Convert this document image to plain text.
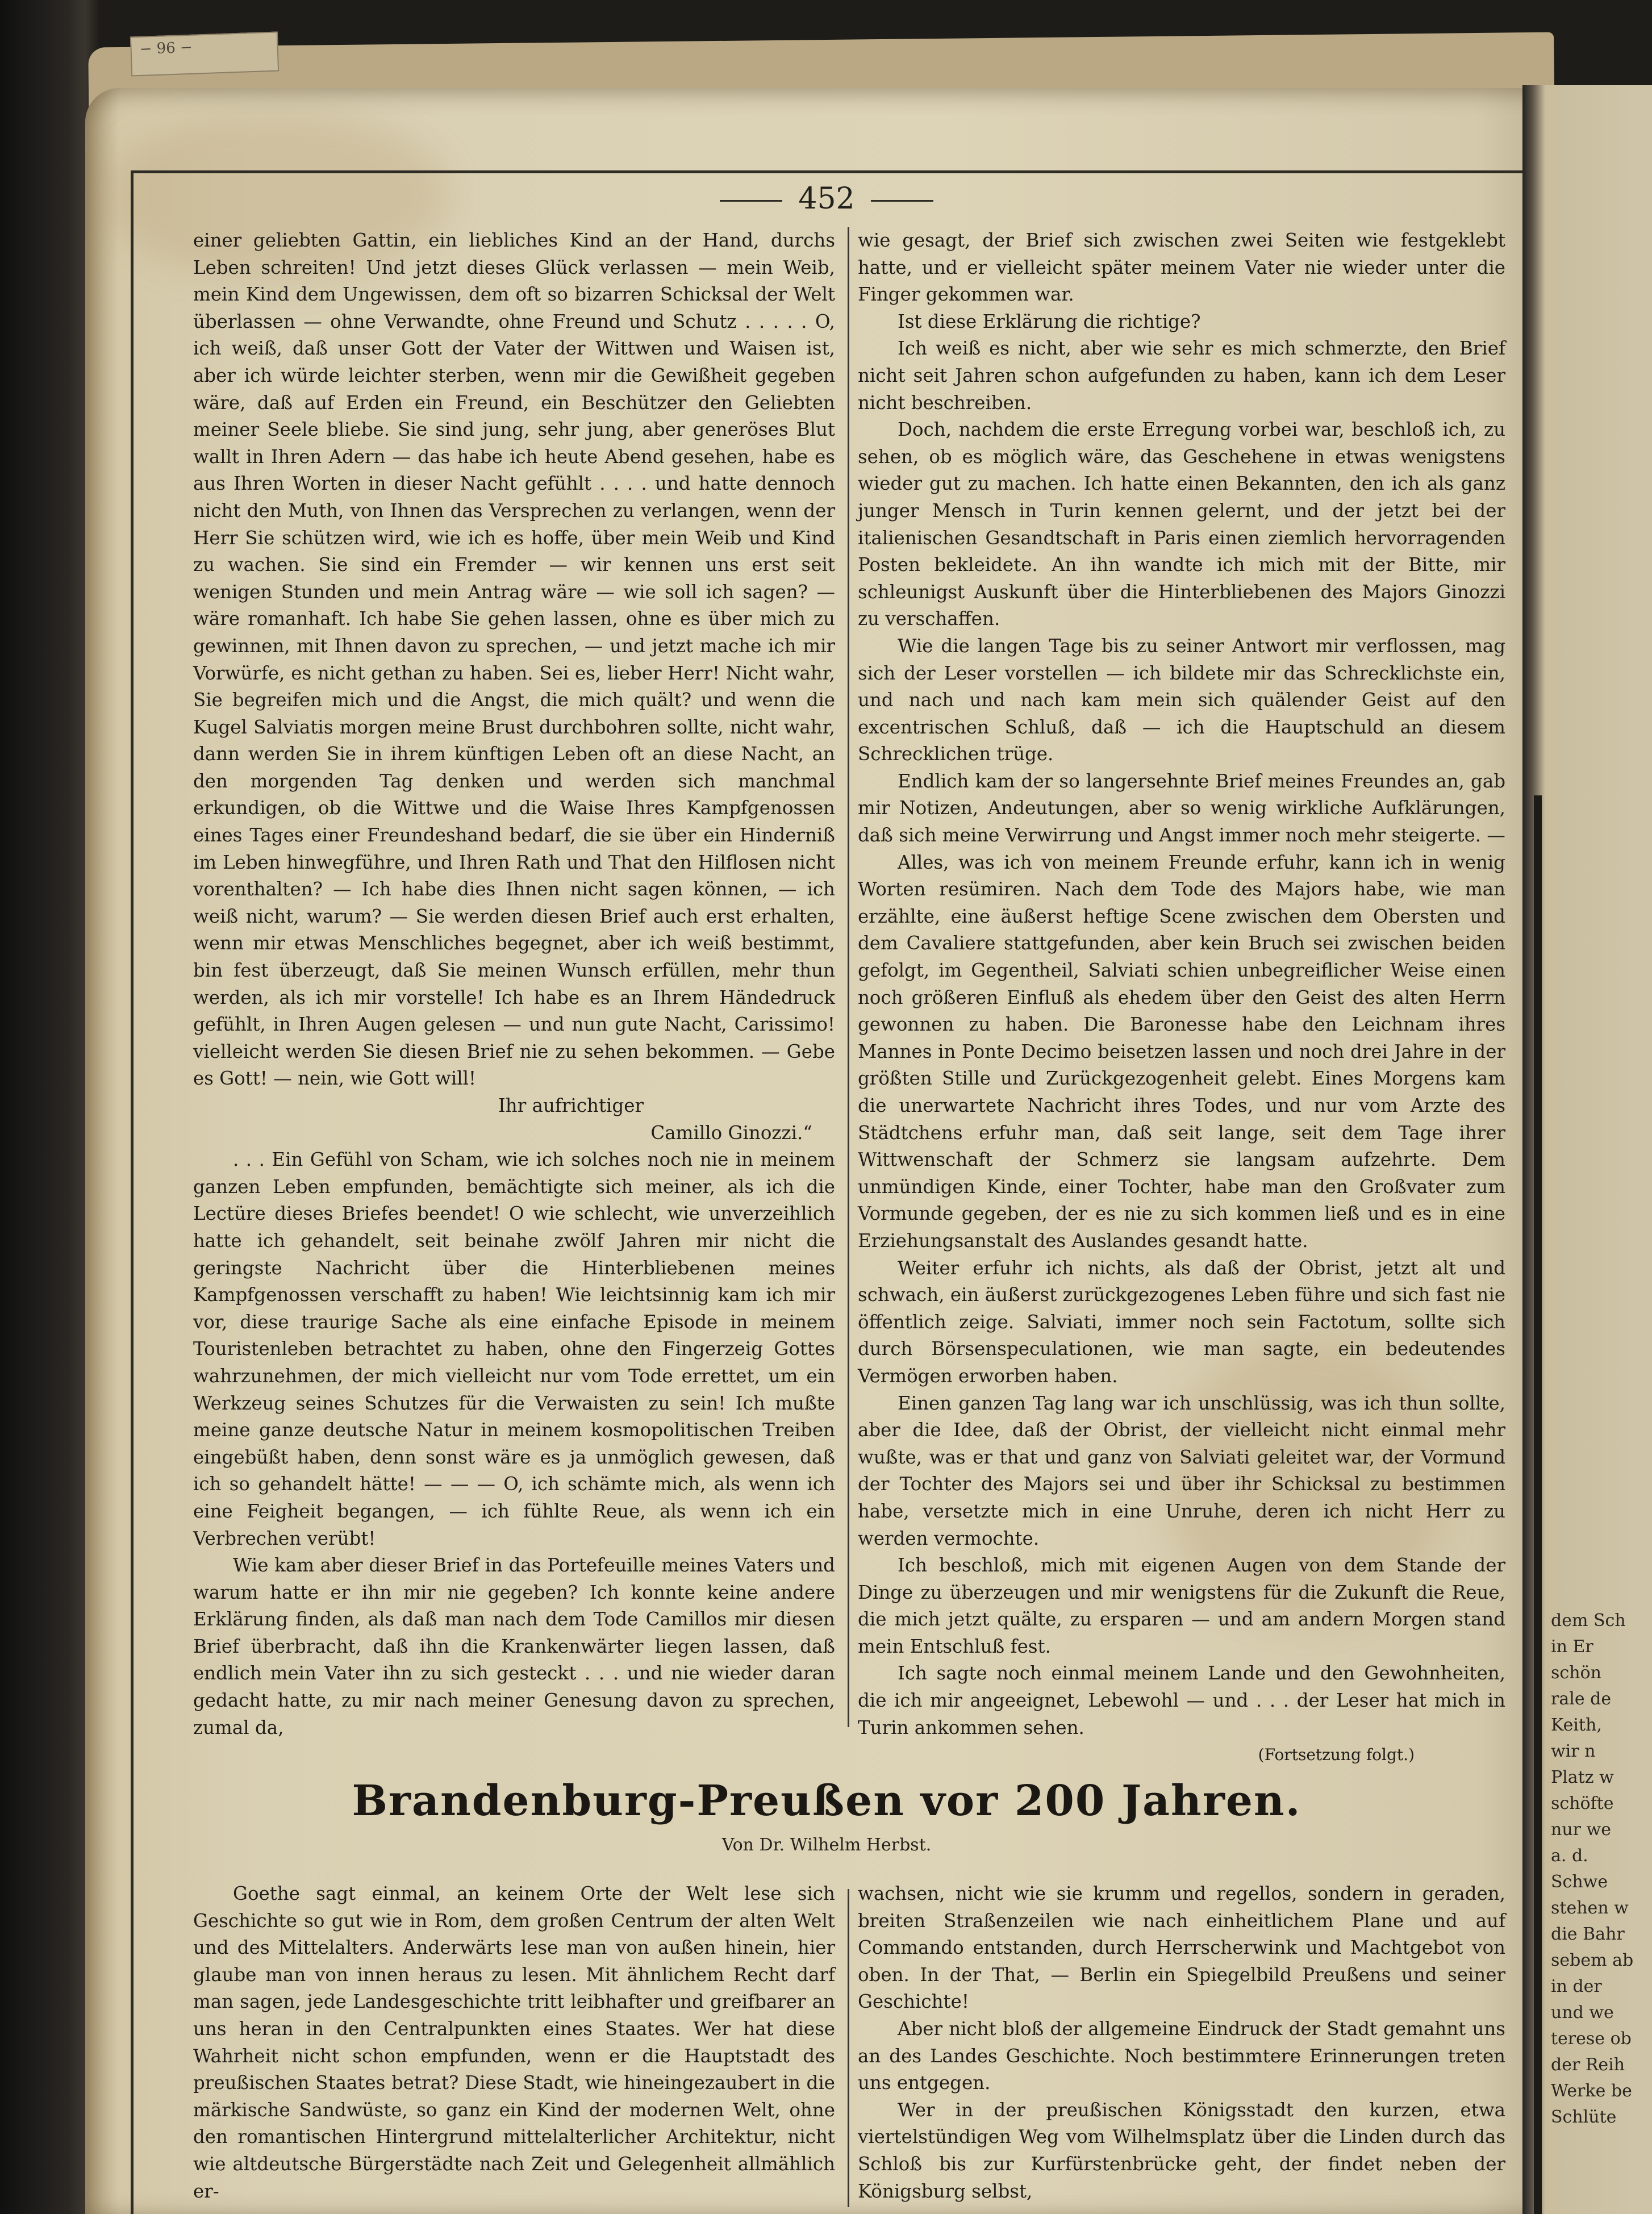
452

einer geliebten Gattin, ein liebliches Kind an der Hand, durchs Leben schreiten! Und jetzt dieses Glück verlassen — mein Weib, mein Kind dem Ungewissen, dem oft so bizarren Schicksal der Welt überlassen — ohne Verwandte, ohne Freund und Schutz . . . . . O, ich weiß, daß unser Gott der Vater der Wittwen und Waisen ist, aber ich würde leichter sterben, wenn mir die Gewißheit gegeben wäre, daß auf Erden ein Freund, ein Beschützer den Geliebten meiner Seele bliebe. Sie sind jung, sehr jung, aber generöses Blut wallt in Ihren Adern — das habe ich heute Abend gesehen, habe es aus Ihren Worten in dieser Nacht gefühlt . . . . und hatte dennoch nicht den Muth, von Ihnen das Versprechen zu verlangen, wenn der Herr Sie schützen wird, wie ich es hoffe, über mein Weib und Kind zu wachen. Sie sind ein Fremder — wir kennen uns erst seit wenigen Stunden und mein Antrag wäre — wie soll ich sagen? — wäre romanhaft. Ich habe Sie gehen lassen, ohne es über mich zu gewinnen, mit Ihnen davon zu sprechen, — und jetzt mache ich mir Vorwürfe, es nicht gethan zu haben. Sei es, lieber Herr! Nicht wahr, Sie begreifen mich und die Angst, die mich quält? und wenn die Kugel Salviatis morgen meine Brust durchbohren sollte, nicht wahr, dann werden Sie in ihrem künftigen Leben oft an diese Nacht, an den morgenden Tag denken und werden sich manchmal erkundigen, ob die Wittwe und die Waise Ihres Kampfgenossen eines Tages einer Freundeshand bedarf, die sie über ein Hinderniß im Leben hinwegführe, und Ihren Rath und That den Hilflosen nicht vorenthalten? — Ich habe dies Ihnen nicht sagen können, — ich weiß nicht, warum? — Sie werden diesen Brief auch erst erhalten, wenn mir etwas Menschliches begegnet, aber ich weiß bestimmt, bin fest überzeugt, daß Sie meinen Wunsch erfüllen, mehr thun werden, als ich mir vorstelle! Ich habe es an Ihrem Händedruck gefühlt, in Ihren Augen gelesen — und nun gute Nacht, Carissimo! vielleicht werden Sie diesen Brief nie zu sehen bekommen. — Gebe es Gott! — nein, wie Gott will!

Ihr aufrichtiger

Camillo Ginozzi.“

. . . Ein Gefühl von Scham, wie ich solches noch nie in meinem ganzen Leben empfunden, bemächtigte sich meiner, als ich die Lectüre dieses Briefes beendet! O wie schlecht, wie unverzeihlich hatte ich gehandelt, seit beinahe zwölf Jahren mir nicht die geringste Nachricht über die Hinterbliebenen meines Kampfgenossen verschafft zu haben! Wie leichtsinnig kam ich mir vor, diese traurige Sache als eine einfache Episode in meinem Touristenleben betrachtet zu haben, ohne den Fingerzeig Gottes wahrzunehmen, der mich vielleicht nur vom Tode errettet, um ein Werkzeug seines Schutzes für die Verwaisten zu sein! Ich mußte meine ganze deutsche Natur in meinem kosmopolitischen Treiben eingebüßt haben, denn sonst wäre es ja unmöglich gewesen, daß ich so gehandelt hätte! — — — O, ich schämte mich, als wenn ich eine Feigheit begangen, — ich fühlte Reue, als wenn ich ein Verbrechen verübt!

Wie kam aber dieser Brief in das Portefeuille meines Vaters und warum hatte er ihn mir nie gegeben? Ich konnte keine andere Erklärung finden, als daß man nach dem Tode Camillos mir diesen Brief überbracht, daß ihn die Krankenwärter liegen lassen, daß endlich mein Vater ihn zu sich gesteckt . . . und nie wieder daran gedacht hatte, zu mir nach meiner Genesung davon zu sprechen, zumal da,

wie gesagt, der Brief sich zwischen zwei Seiten wie festgeklebt hatte, und er vielleicht später meinem Vater nie wieder unter die Finger gekommen war.

Ist diese Erklärung die richtige?

Ich weiß es nicht, aber wie sehr es mich schmerzte, den Brief nicht seit Jahren schon aufgefunden zu haben, kann ich dem Leser nicht beschreiben.

Doch, nachdem die erste Erregung vorbei war, beschloß ich, zu sehen, ob es möglich wäre, das Geschehene in etwas wenigstens wieder gut zu machen. Ich hatte einen Bekannten, den ich als ganz junger Mensch in Turin kennen gelernt, und der jetzt bei der italienischen Gesandtschaft in Paris einen ziemlich hervorragenden Posten bekleidete. An ihn wandte ich mich mit der Bitte, mir schleunigst Auskunft über die Hinterbliebenen des Majors Ginozzi zu verschaffen.

Wie die langen Tage bis zu seiner Antwort mir verflossen, mag sich der Leser vorstellen — ich bildete mir das Schrecklichste ein, und nach und nach kam mein sich quälender Geist auf den excentrischen Schluß, daß — ich die Hauptschuld an diesem Schrecklichen trüge.

Endlich kam der so langersehnte Brief meines Freundes an, gab mir Notizen, Andeutungen, aber so wenig wirkliche Aufklärungen, daß sich meine Verwirrung und Angst immer noch mehr steigerte. —

Alles, was ich von meinem Freunde erfuhr, kann ich in wenig Worten resümiren. Nach dem Tode des Majors habe, wie man erzählte, eine äußerst heftige Scene zwischen dem Obersten und dem Cavaliere stattgefunden, aber kein Bruch sei zwischen beiden gefolgt, im Gegentheil, Salviati schien unbegreiflicher Weise einen noch größeren Einfluß als ehedem über den Geist des alten Herrn gewonnen zu haben. Die Baronesse habe den Leichnam ihres Mannes in Ponte Decimo beisetzen lassen und noch drei Jahre in der größten Stille und Zurückgezogenheit gelebt. Eines Morgens kam die unerwartete Nachricht ihres Todes, und nur vom Arzte des Städtchens erfuhr man, daß seit lange, seit dem Tage ihrer Wittwenschaft der Schmerz sie langsam aufzehrte. Dem unmündigen Kinde, einer Tochter, habe man den Großvater zum Vormunde gegeben, der es nie zu sich kommen ließ und es in eine Erziehungsanstalt des Auslandes gesandt hatte.

Weiter erfuhr ich nichts, als daß der Obrist, jetzt alt und schwach, ein äußerst zurückgezogenes Leben führe und sich fast nie öffentlich zeige. Salviati, immer noch sein Factotum, sollte sich durch Börsenspeculationen, wie man sagte, ein bedeutendes Vermögen erworben haben.

Einen ganzen Tag lang war ich unschlüssig, was ich thun sollte, aber die Idee, daß der Obrist, der vielleicht nicht einmal mehr wußte, was er that und ganz von Salviati geleitet war, der Vormund der Tochter des Majors sei und über ihr Schicksal zu bestimmen habe, versetzte mich in eine Unruhe, deren ich nicht Herr zu werden vermochte.

Ich beschloß, mich mit eigenen Augen von dem Stande der Dinge zu überzeugen und mir wenigstens für die Zukunft die Reue, die mich jetzt quälte, zu ersparen — und am andern Morgen stand mein Entschluß fest.

Ich sagte noch einmal meinem Lande und den Gewohnheiten, die ich mir angeeignet, Lebewohl — und . . . der Leser hat mich in Turin ankommen sehen.

(Fortsetzung folgt.)

Brandenburg-Preußen vor 200 Jahren.
Von Dr. Wilhelm Herbst.

Goethe sagt einmal, an keinem Orte der Welt lese sich Geschichte so gut wie in Rom, dem großen Centrum der alten Welt und des Mittelalters. Anderwärts lese man von außen hinein, hier glaube man von innen heraus zu lesen. Mit ähnlichem Recht darf man sagen, jede Landesgeschichte tritt leibhafter und greifbarer an uns heran in den Centralpunkten eines Staates. Wer hat diese Wahrheit nicht schon empfunden, wenn er die Hauptstadt des preußischen Staates betrat? Diese Stadt, wie hineingezaubert in die märkische Sandwüste, so ganz ein Kind der modernen Welt, ohne den romantischen Hintergrund mittelalterlicher Architektur, nicht wie altdeutsche Bürgerstädte nach Zeit und Gelegenheit allmählich er-

wachsen, nicht wie sie krumm und regellos, sondern in geraden, breiten Straßenzeilen wie nach einheitlichem Plane und auf Commando entstanden, durch Herrscherwink und Machtgebot von oben. In der That, — Berlin ein Spiegelbild Preußens und seiner Geschichte!

Aber nicht bloß der allgemeine Eindruck der Stadt gemahnt uns an des Landes Geschichte. Noch bestimmtere Erinnerungen treten uns entgegen.

Wer in der preußischen Königsstadt den kurzen, etwa viertelstündigen Weg vom Wilhelmsplatz über die Linden durch das Schloß bis zur Kurfürstenbrücke geht, der findet neben der Königsburg selbst,

− 96 −
dem Sch
in Er
schön
rale de
Keith,
wir n
Platz w
schöfte
nur we
a. d.
Schwe
stehen w
die Bahr
sebem ab
in der
und we
terese ob
der Reih
Werke be
Schlüte
